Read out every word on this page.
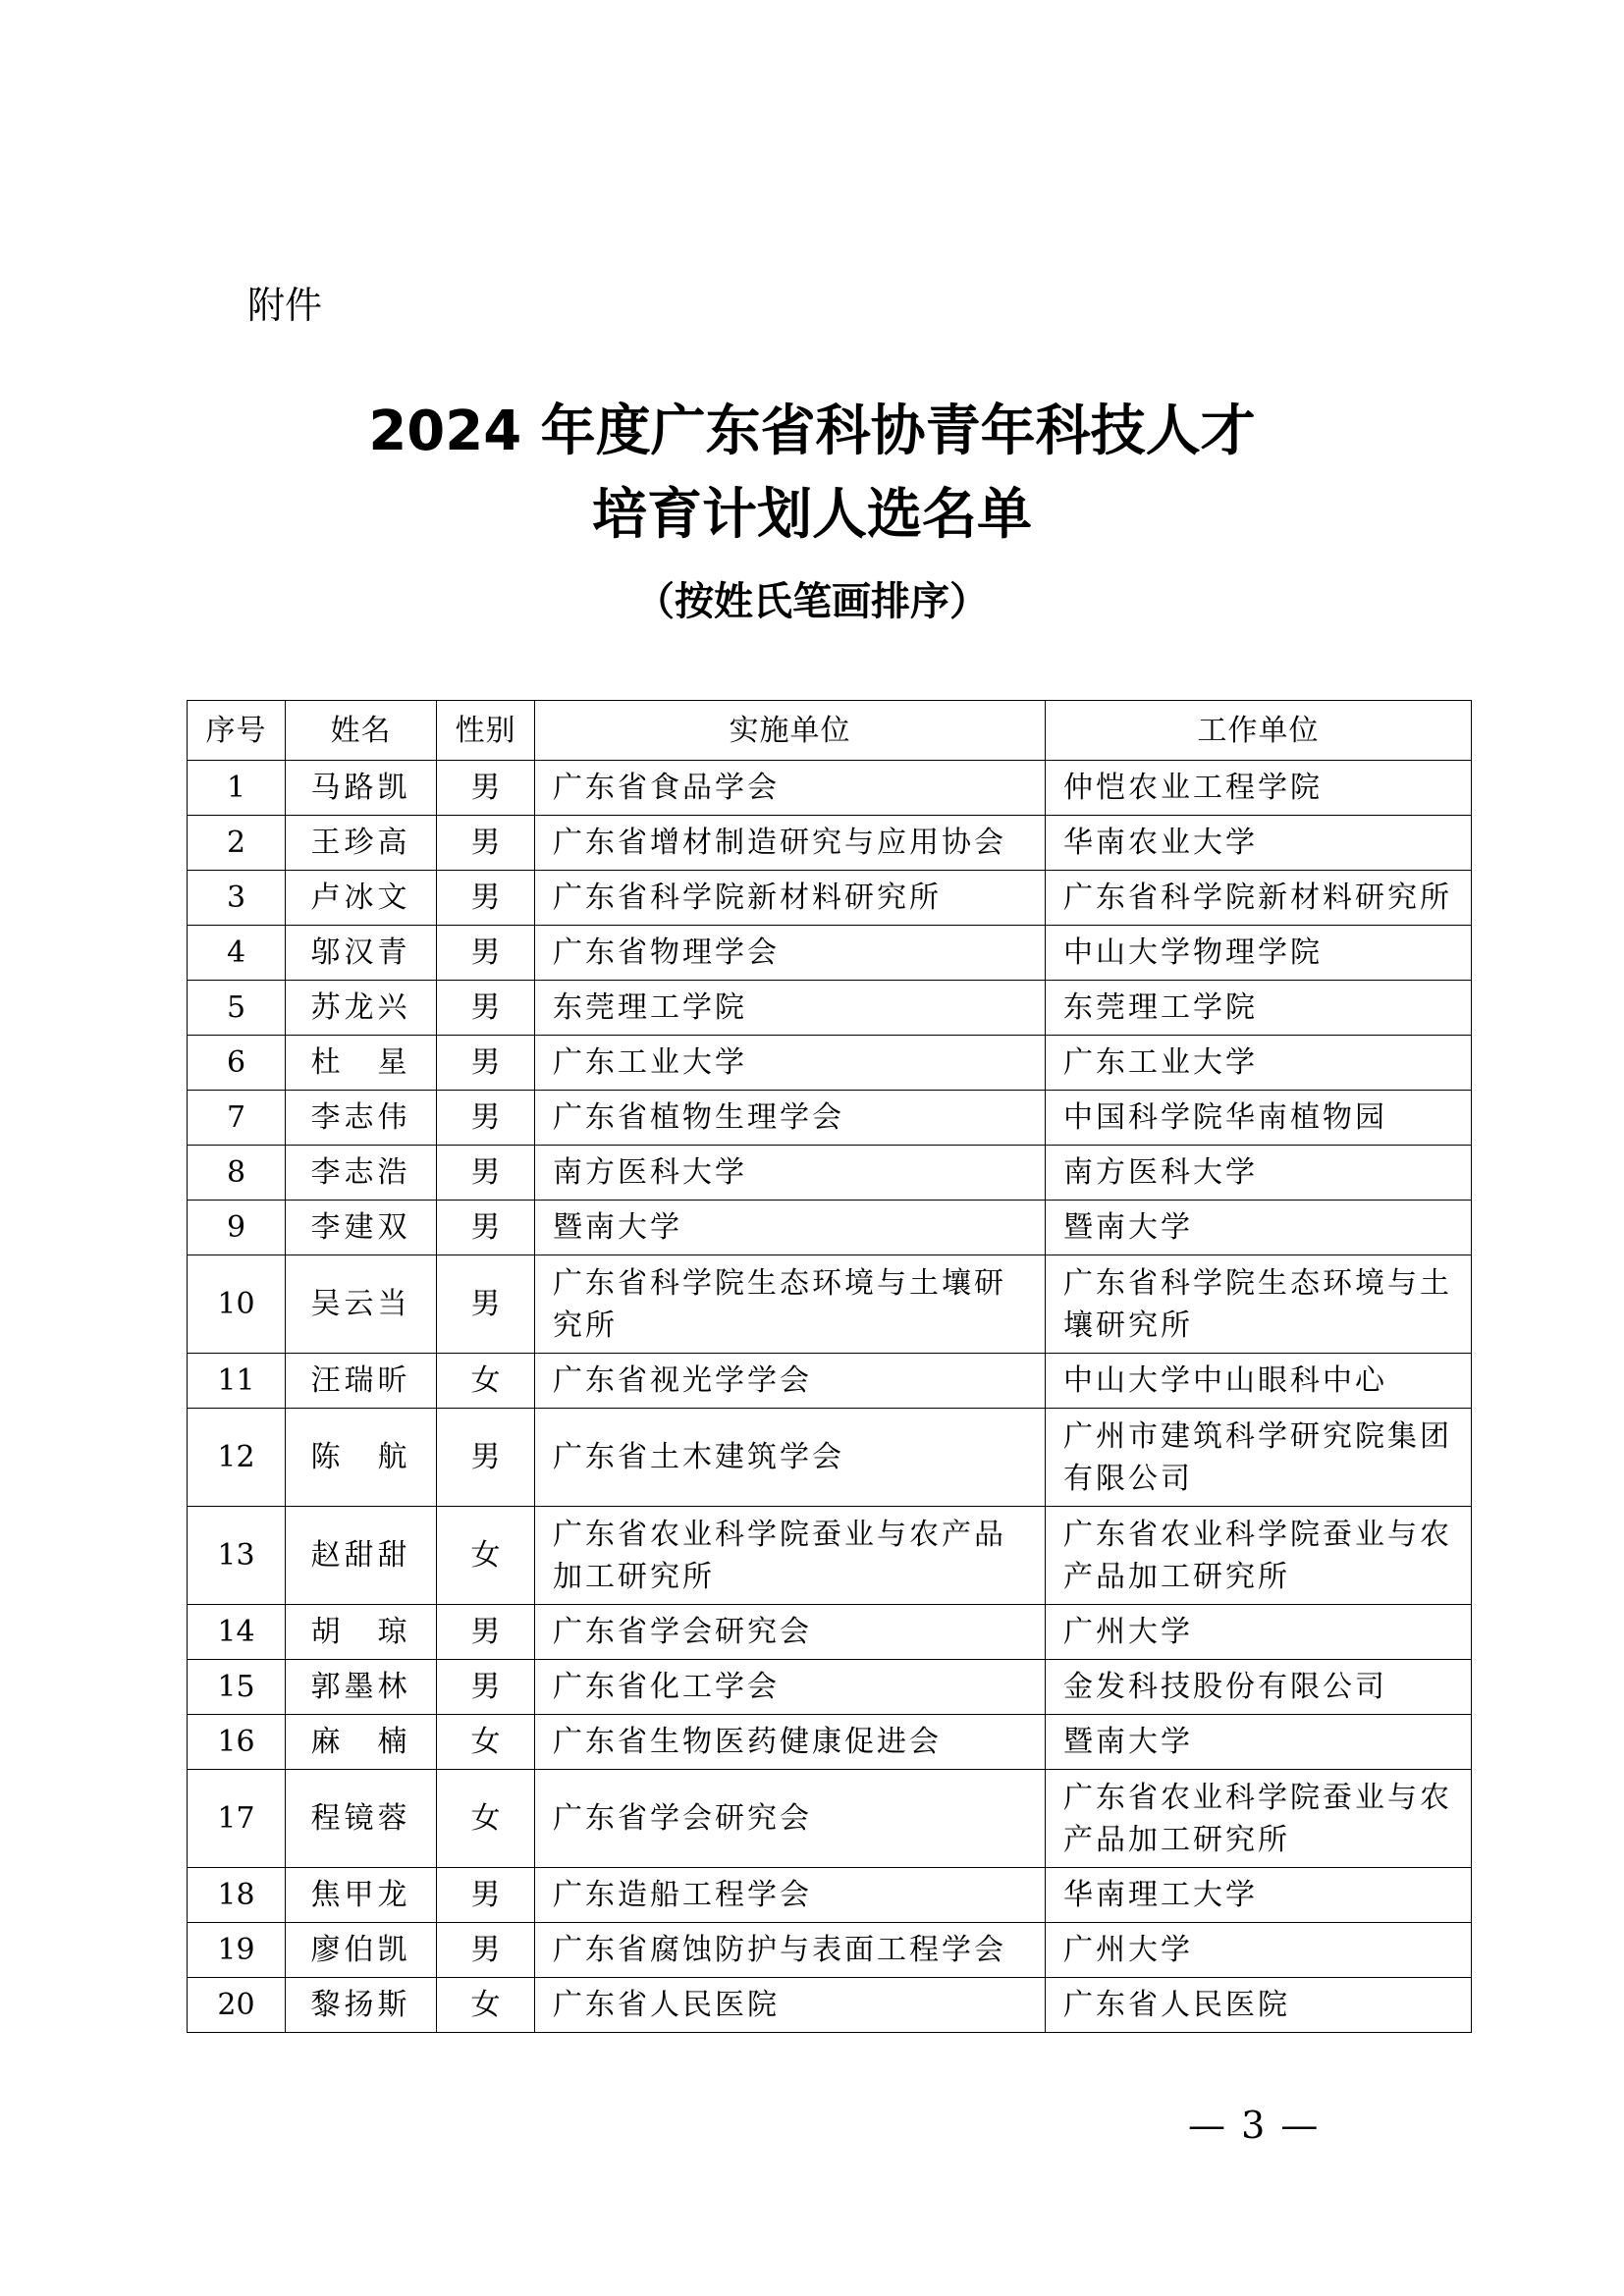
附件
2024 年度广东省科协青年科技人才
培育计划人选名单
（按姓氏笔画排序）
序号	姓名	性别	实施单位	工作单位
1	马路凯	男	广东省食品学会	仲恺农业工程学院
2	王珍高	男	广东省增材制造研究与应用协会	华南农业大学
3	卢冰文	男	广东省科学院新材料研究所	广东省科学院新材料研究所
4	邬汉青	男	广东省物理学会	中山大学物理学院
5	苏龙兴	男	东莞理工学院	东莞理工学院
6	杜　星	男	广东工业大学	广东工业大学
7	李志伟	男	广东省植物生理学会	中国科学院华南植物园
8	李志浩	男	南方医科大学	南方医科大学
9	李建双	男	暨南大学	暨南大学
10	吴云当	男	广东省科学院生态环境与土壤研究所	广东省科学院生态环境与土壤研究所
11	汪瑞昕	女	广东省视光学学会	中山大学中山眼科中心
12	陈　航	男	广东省土木建筑学会	广州市建筑科学研究院集团有限公司
13	赵甜甜	女	广东省农业科学院蚕业与农产品加工研究所	广东省农业科学院蚕业与农产品加工研究所
14	胡　琼	男	广东省学会研究会	广州大学
15	郭墨林	男	广东省化工学会	金发科技股份有限公司
16	麻　楠	女	广东省生物医药健康促进会	暨南大学
17	程镜蓉	女	广东省学会研究会	广东省农业科学院蚕业与农产品加工研究所
18	焦甲龙	男	广东造船工程学会	华南理工大学
19	廖伯凯	男	广东省腐蚀防护与表面工程学会	广州大学
20	黎扬斯	女	广东省人民医院	广东省人民医院
— 3 —
